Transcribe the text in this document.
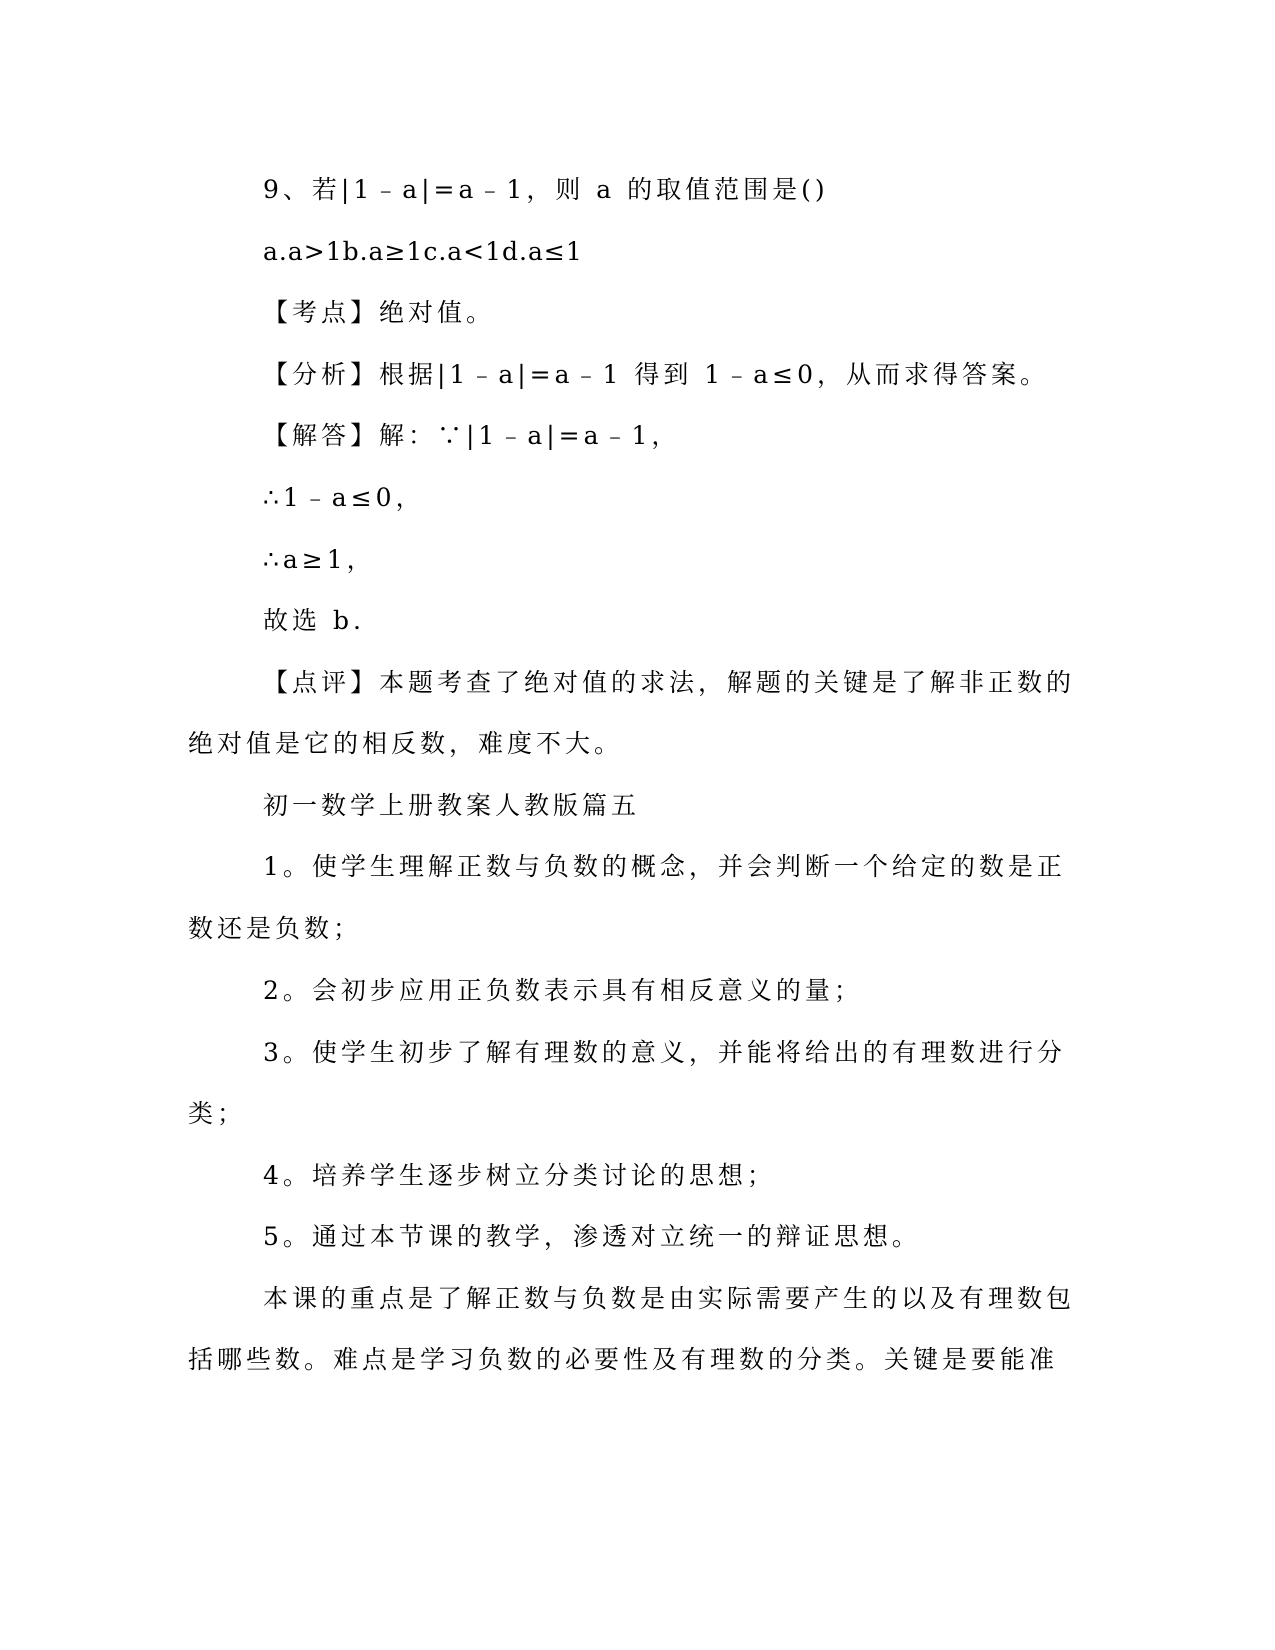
9、若|1﹣a|=a﹣1，则 a 的取值范围是()
a.a>1b.a≥1c.a<1d.a≤1
【考点】绝对值。
【分析】根据|1﹣a|=a﹣1 得到 1﹣a≤0，从而求得答案。
【解答】解：∵|1﹣a|=a﹣1，
∴1﹣a≤0，
∴a≥1，
故选 b.
【点评】本题考查了绝对值的求法，解题的关键是了解非正数的
绝对值是它的相反数，难度不大。
初一数学上册教案人教版篇五
1。使学生理解正数与负数的概念，并会判断一个给定的数是正
数还是负数；
2。会初步应用正负数表示具有相反意义的量；
3。使学生初步了解有理数的意义，并能将给出的有理数进行分
类；
4。培养学生逐步树立分类讨论的思想；
5。通过本节课的教学，渗透对立统一的辩证思想。
本课的重点是了解正数与负数是由实际需要产生的以及有理数包
括哪些数。难点是学习负数的必要性及有理数的分类。关键是要能准
